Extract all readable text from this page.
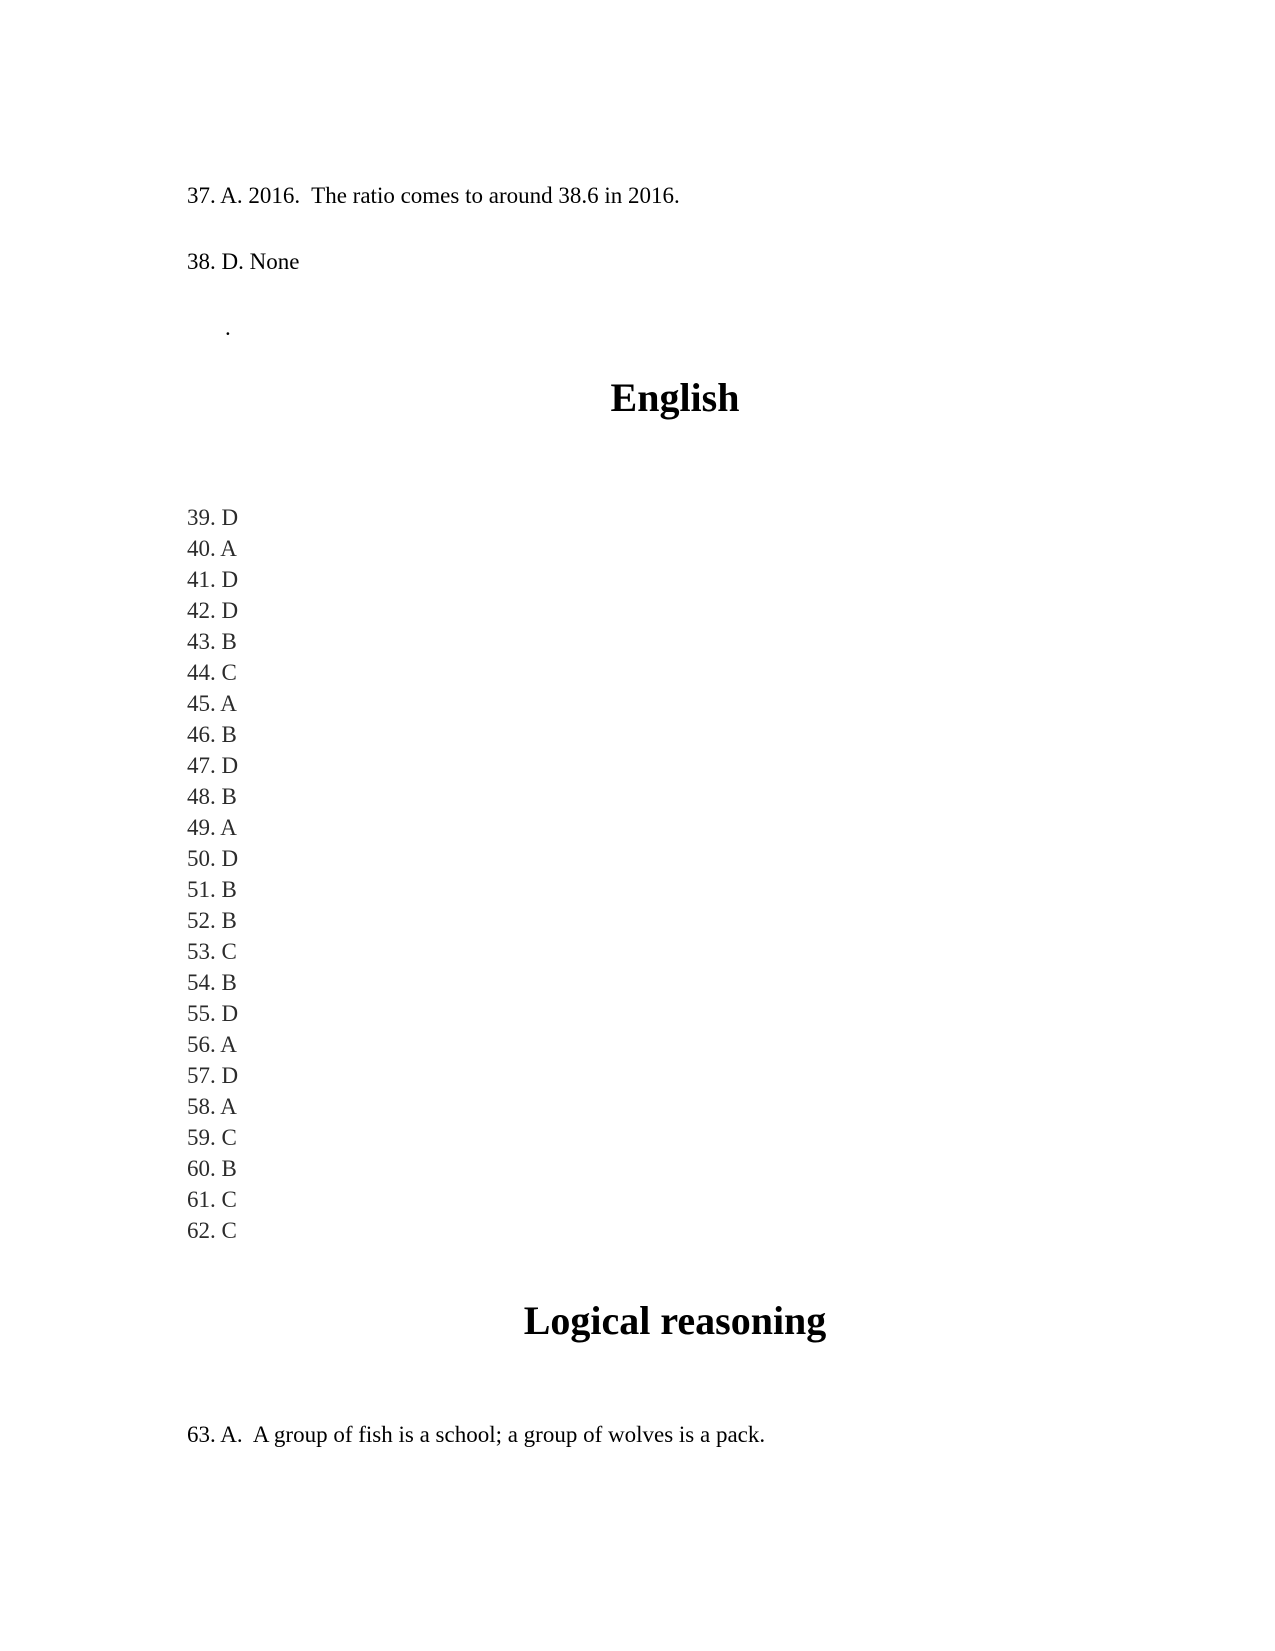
37. A. 2016.  The ratio comes to around 38.6 in 2016.
38. D. None
.
English
39. D
40. A
41. D
42. D
43. B
44. C
45. A
46. B
47. D
48. B
49. A
50. D
51. B
52. B
53. C
54. B
55. D
56. A
57. D
58. A
59. C
60. B
61. C
62. C
Logical reasoning
63. A.  A group of fish is a school; a group of wolves is a pack.
